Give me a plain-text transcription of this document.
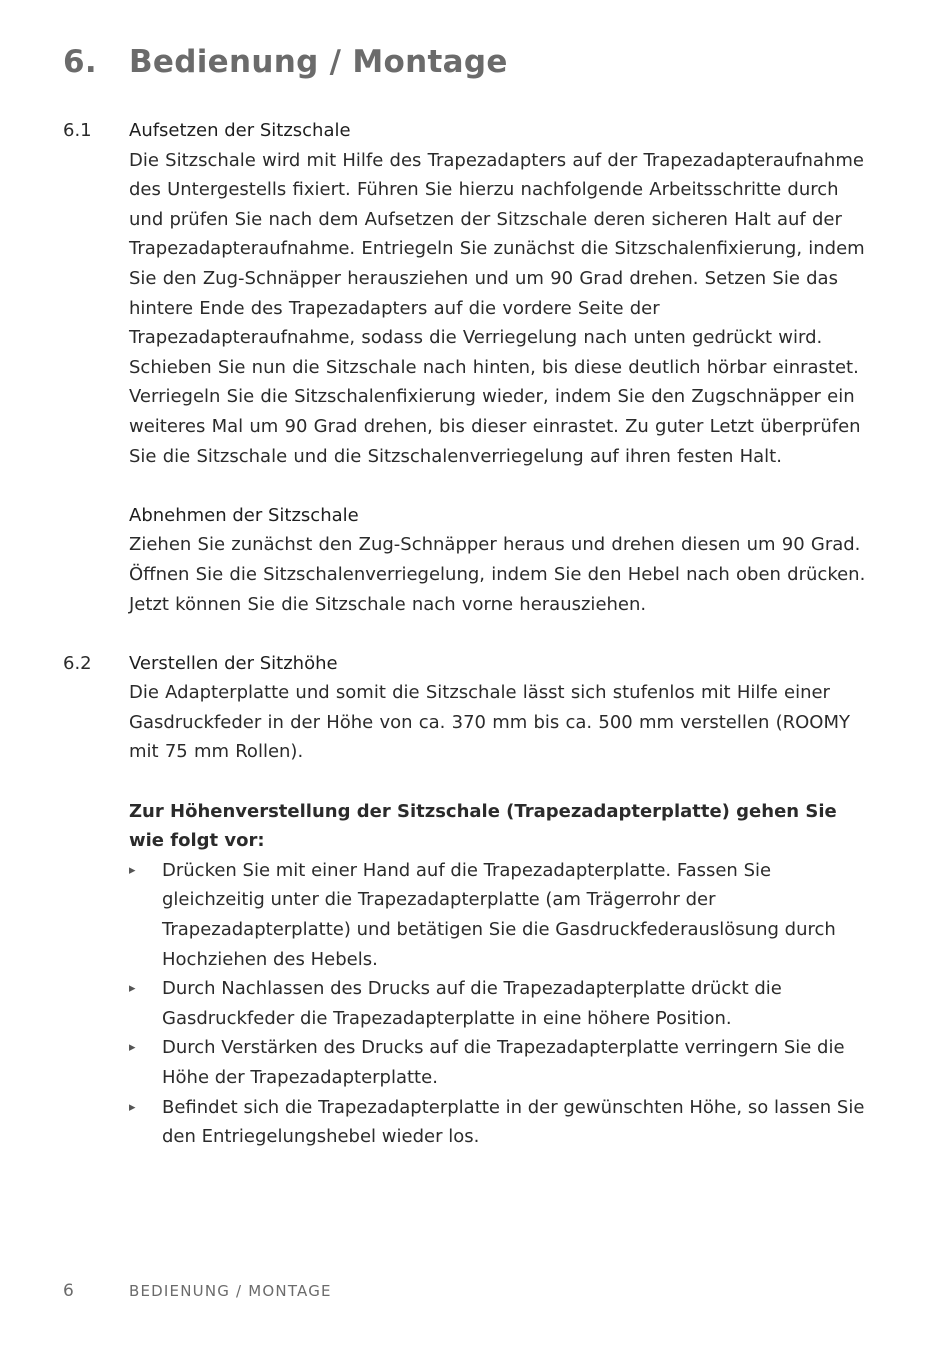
6. Bedienung / Montage
6.1 Aufsetzen der Sitzschale

Die Sitzschale wird mit Hilfe des Trapezadapters auf der Trapezadapteraufnahme des Untergestells fixiert. Führen Sie hierzu nachfolgende Arbeitsschritte durch und prüfen Sie nach dem Aufsetzen der Sitzschale deren sicheren Halt auf der Trapezadapteraufnahme. Entriegeln Sie zunächst die Sitzschalenfixierung, indem Sie den Zug-Schnäpper herausziehen und um 90 Grad drehen. Setzen Sie das hintere Ende des Trapezadapters auf die vordere Seite der Trapezadapteraufnahme, sodass die Verriegelung nach unten gedrückt wird. Schieben Sie nun die Sitzschale nach hinten, bis diese deutlich hörbar einrastet. Verriegeln Sie die Sitzschalenfixierung wieder, indem Sie den Zugschnäpper ein weiteres Mal um 90 Grad drehen, bis dieser einrastet. Zu guter Letzt überprüfen Sie die Sitzschale und die Sitzschalenverriegelung auf ihren festen Halt.

Abnehmen der Sitzschale

Ziehen Sie zunächst den Zug-Schnäpper heraus und drehen diesen um 90 Grad. Öffnen Sie die Sitzschalenverriegelung, indem Sie den Hebel nach oben drücken. Jetzt können Sie die Sitzschale nach vorne herausziehen.

6.2 Verstellen der Sitzhöhe

Die Adapterplatte und somit die Sitzschale lässt sich stufenlos mit Hilfe einer Gasdruckfeder in der Höhe von ca. 370 mm bis ca. 500 mm verstellen (ROOMY mit 75 mm Rollen).

Zur Höhenverstellung der Sitzschale (Trapezadapterplatte) gehen Sie wie folgt vor:

▸ Drücken Sie mit einer Hand auf die Trapezadapterplatte. Fassen Sie gleichzeitig unter die Trapezadapterplatte (am Trägerrohr der Trapezadapterplatte) und betätigen Sie die Gasdruckfederauslösung durch Hochziehen des Hebels.
▸ Durch Nachlassen des Drucks auf die Trapezadapterplatte drückt die Gasdruckfeder die Trapezadapterplatte in eine höhere Position.
▸ Durch Verstärken des Drucks auf die Trapezadapterplatte verringern Sie die Höhe der Trapezadapterplatte.
▸ Befindet sich die Trapezadapterplatte in der gewünschten Höhe, so lassen Sie den Entriegelungshebel wieder los.
6	BEDIENUNG / MONTAGE
